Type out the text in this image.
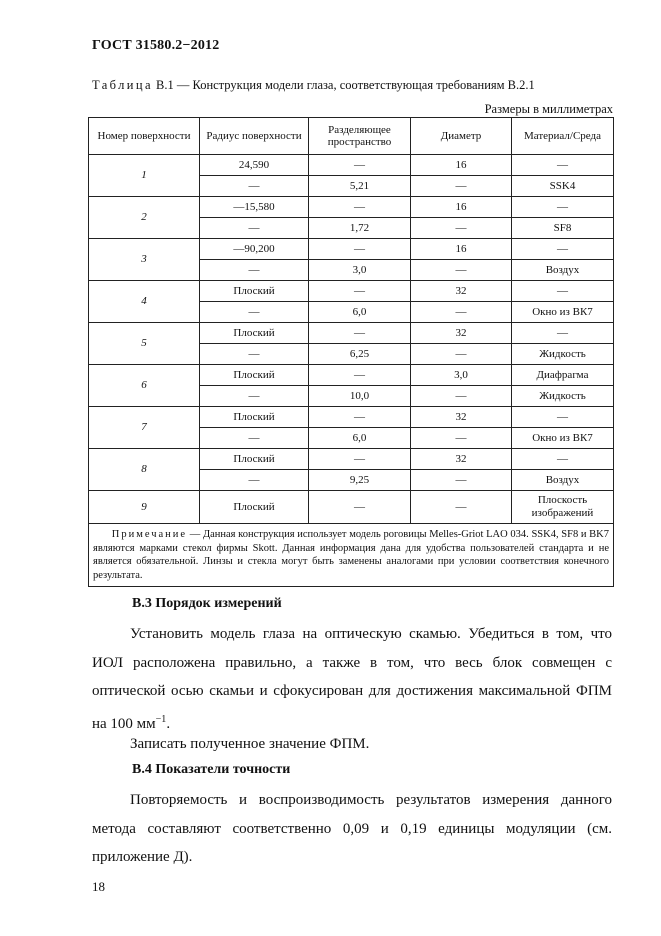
ГОСТ 31580.2−2012
Таблица В.1 — Конструкция модели глаза, соответствующая требованиям В.2.1
Размеры в миллиметрах
Номер поверхности	Радиус поверхности	Разделяющее пространство	Диаметр	Материал/Среда
1	24,590	—	16	—
	—	5,21	—	SSK4
2	—15,580	—	16	—
	—	1,72	—	SF8
3	—90,200	—	16	—
	—	3,0	—	Воздух
4	Плоский	—	32	—
	—	6,0	—	Окно из ВК7
5	Плоский	—	32	—
	—	6,25	—	Жидкость
6	Плоский	—	3,0	Диафрагма
	—	10,0	—	Жидкость
7	Плоский	—	32	—
	—	6,0	—	Окно из ВК7
8	Плоский	—	32	—
	—	9,25	—	Воздух
9	Плоский	—	—	Плоскость изображений
Примечание — Данная конструкция использует модель роговицы Melles-Griot LAO 034. SSK4, SF8 и BK7 являются марками стекол фирмы Skott. Данная информация дана для удобства пользователей стандарта и не является обязательной. Линзы и стекла могут быть заменены аналогами при условии соответствия конечного результата.				
В.3 Порядок измерений

Установить модель глаза на оптическую скамью. Убедиться в том, что ИОЛ расположена правильно, а также в том, что весь блок совмещен с оптической осью скамьи и сфокусирован для достижения максимальной ФПМ на 100 $мм^{-1}$.

Записать полученное значение ФПМ.

В.4 Показатели точности

Повторяемость и воспроизводимость результатов измерения данного метода составляют соответственно 0,09 и 0,19 единицы модуляции (см. приложение Д).

18
